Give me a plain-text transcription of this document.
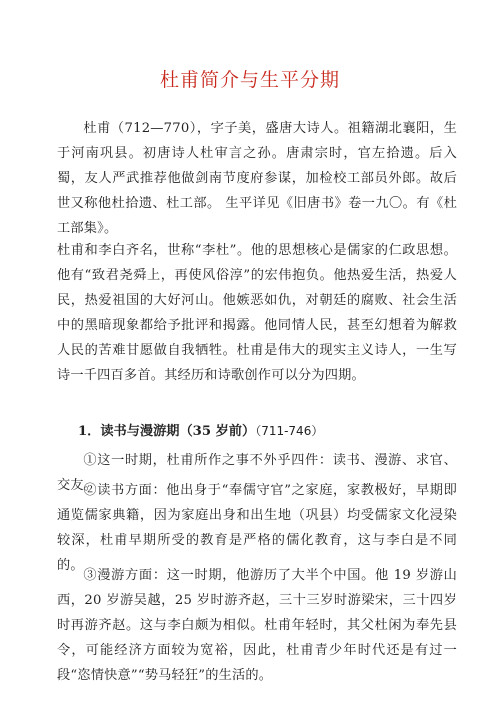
杜甫简介与生平分期

杜甫（712—770），字子美，盛唐大诗人。祖籍湖北襄阳，生于河南巩县。初唐诗人杜审言之孙。唐肃宗时，官左拾遗。后入蜀，友人严武推荐他做剑南节度府参谋，加检校工部员外郎。故后世又称他杜拾遗、杜工部。 生平详见《旧唐书》卷一九〇。有《杜工部集》。

杜甫和李白齐名，世称“李杜”。他的思想核心是儒家的仁政思想。他有“致君尧舜上，再使风俗淳”的宏伟抱负。他热爱生活，热爱人民，热爱祖国的大好河山。他嫉恶如仇，对朝廷的腐败、社会生活中的黑暗现象都给予批评和揭露。他同情人民，甚至幻想着为解救人民的苦难甘愿做自我牺牲。杜甫是伟大的现实主义诗人，一生写诗一千四百多首。其经历和诗歌创作可以分为四期。

1．读书与漫游期（35 岁前）（711-746）

①这一时期，杜甫所作之事不外乎四件：读书、漫游、求官、交友。

②读书方面：他出身于“奉儒守官”之家庭，家教极好，早期即通览儒家典籍，因为家庭出身和出生地（巩县）均受儒家文化浸染较深，杜甫早期所受的教育是严格的儒化教育，这与李白是不同的。

③漫游方面：这一时期，他游历了大半个中国。他 19 岁游山西，20 岁游吴越，25 岁时游齐赵，三十三岁时游梁宋，三十四岁时再游齐赵。这与李白颇为相似。杜甫年轻时，其父杜闲为奉先县令，可能经济方面较为宽裕，因此，杜甫青少年时代还是有过一段“恣情快意”“势马轻狂”的生活的。
